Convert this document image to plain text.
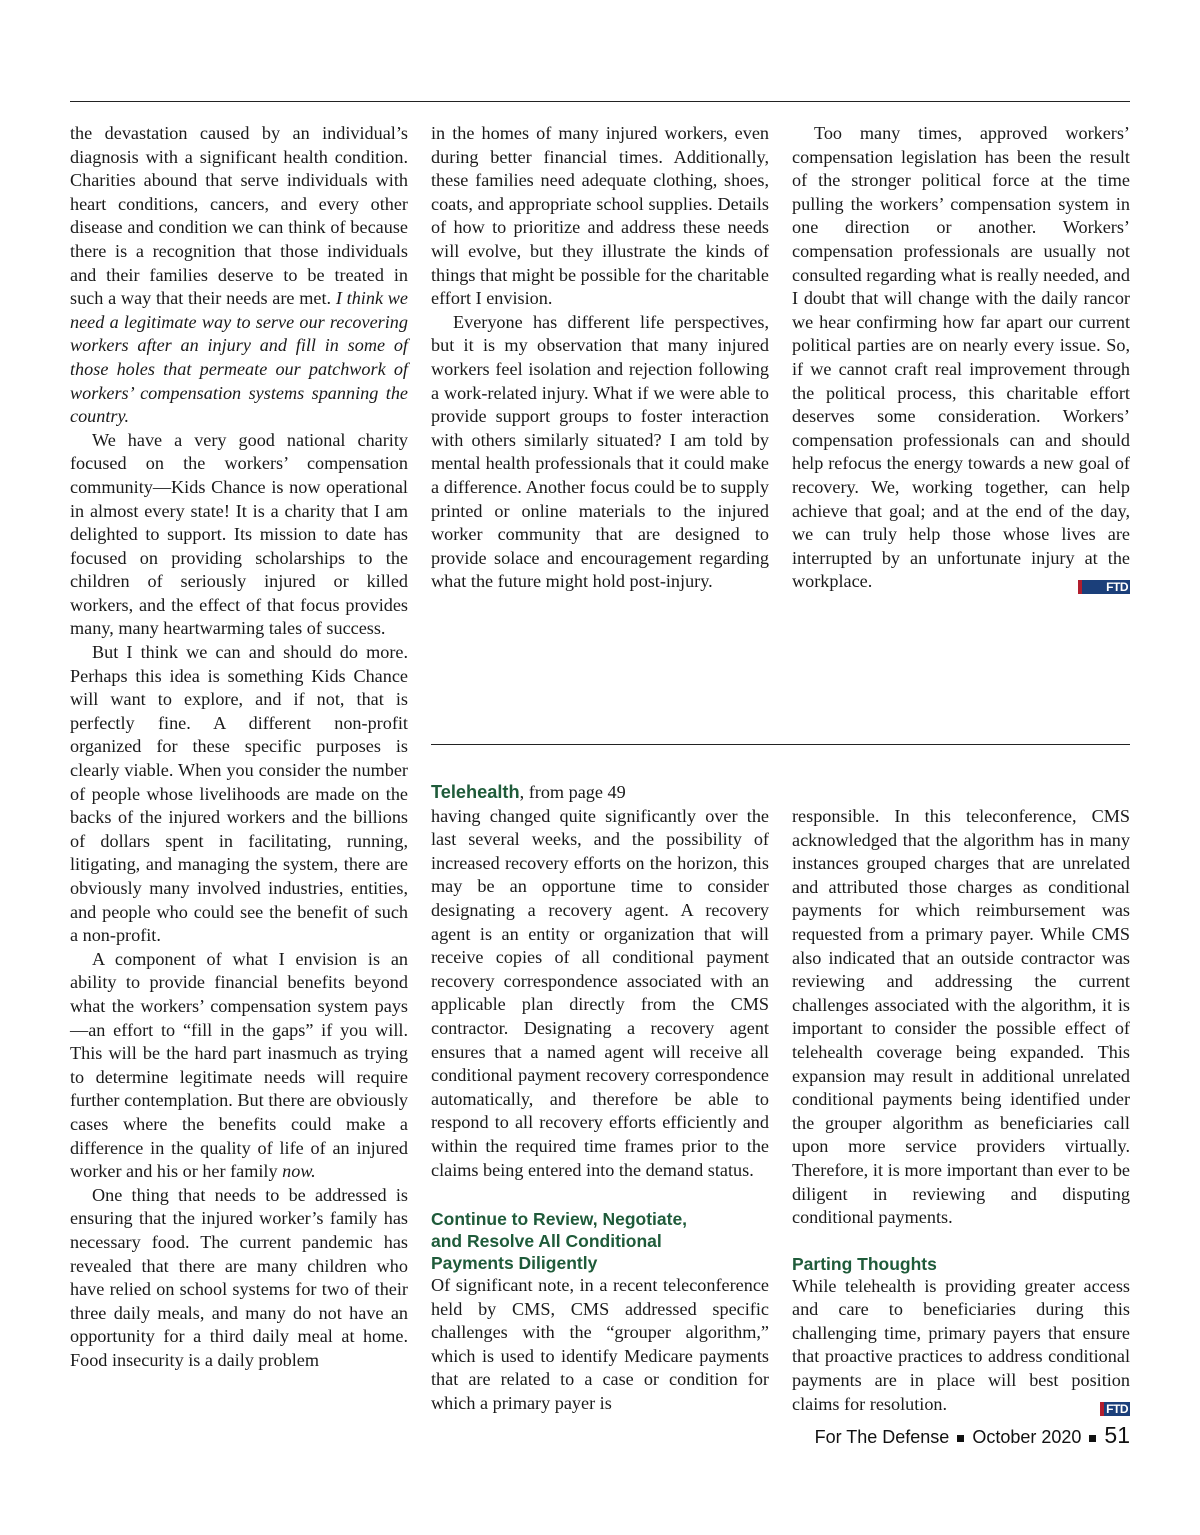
the devastation caused by an individual’s diagnosis with a significant health condition. Charities abound that serve individuals with heart conditions, cancers, and every other disease and condition we can think of because there is a recognition that those individuals and their families deserve to be treated in such a way that their needs are met. I think we need a legitimate way to serve our recovering workers after an injury and fill in some of those holes that permeate our patchwork of workers’ compensation systems spanning the country.

We have a very good national charity focused on the workers’ compensation community—Kids Chance is now operational in almost every state! It is a charity that I am delighted to support. Its mission to date has focused on providing scholarships to the children of seriously injured or killed workers, and the effect of that focus provides many, many heartwarming tales of success.

But I think we can and should do more. Perhaps this idea is something Kids Chance will want to explore, and if not, that is perfectly fine. A different non-profit organized for these specific purposes is clearly viable. When you consider the number of people whose livelihoods are made on the backs of the injured workers and the billions of dollars spent in facilitating, running, litigating, and managing the system, there are obviously many involved industries, entities, and people who could see the benefit of such a non-profit.

A component of what I envision is an ability to provide financial benefits beyond what the workers’ compensation system pays—an effort to “fill in the gaps” if you will. This will be the hard part inasmuch as trying to determine legitimate needs will require further contemplation. But there are obviously cases where the benefits could make a difference in the quality of life of an injured worker and his or her family now.

One thing that needs to be addressed is ensuring that the injured worker’s family has necessary food. The current pandemic has revealed that there are many children who have relied on school systems for two of their three daily meals, and many do not have an opportunity for a third daily meal at home. Food insecurity is a daily problem

in the homes of many injured workers, even during better financial times. Additionally, these families need adequate clothing, shoes, coats, and appropriate school supplies. Details of how to prioritize and address these needs will evolve, but they illustrate the kinds of things that might be possible for the charitable effort I envision.

Everyone has different life perspectives, but it is my observation that many injured workers feel isolation and rejection following a work-related injury. What if we were able to provide support groups to foster interaction with others similarly situated? I am told by mental health professionals that it could make a difference. Another focus could be to supply printed or online materials to the injured worker community that are designed to provide solace and encouragement regarding what the future might hold post-injury.

Too many times, approved workers’ compensation legislation has been the result of the stronger political force at the time pulling the workers’ compensation system in one direction or another. Workers’ compensation professionals are usually not consulted regarding what is really needed, and I doubt that will change with the daily rancor we hear confirming how far apart our current political parties are on nearly every issue. So, if we cannot craft real improvement through the political process, this charitable effort deserves some consideration. Workers’ compensation professionals can and should help refocus the energy towards a new goal of recovery. We, working together, can help achieve that goal; and at the end of the day, we can truly help those whose lives are interrupted by an unfortunate injury at the workplace.	FTD

Telehealth, from page 49

having changed quite significantly over the last several weeks, and the possibility of increased recovery efforts on the horizon, this may be an opportune time to consider designating a recovery agent. A recovery agent is an entity or organization that will receive copies of all conditional payment recovery correspondence associated with an applicable plan directly from the CMS contractor. Designating a recovery agent ensures that a named agent will receive all conditional payment recovery correspondence automatically, and therefore be able to respond to all recovery efforts efficiently and within the required time frames prior to the claims being entered into the demand status.

Continue to Review, Negotiate, and Resolve All Conditional Payments Diligently

Of significant note, in a recent teleconference held by CMS, CMS addressed specific challenges with the “grouper algorithm,” which is used to identify Medicare payments that are related to a case or condition for which a primary payer is

responsible. In this teleconference, CMS acknowledged that the algorithm has in many instances grouped charges that are unrelated and attributed those charges as conditional payments for which reimbursement was requested from a primary payer. While CMS also indicated that an outside contractor was reviewing and addressing the current challenges associated with the algorithm, it is important to consider the possible effect of telehealth coverage being expanded. This expansion may result in additional unrelated conditional payments being identified under the grouper algorithm as beneficiaries call upon more service providers virtually. Therefore, it is more important than ever to be diligent in reviewing and disputing conditional payments.

Parting Thoughts

While telehealth is providing greater access and care to beneficiaries during this challenging time, primary payers that ensure that proactive practices to address conditional payments are in place will best position claims for resolution.	FTD

For The Defense October 2020 51
